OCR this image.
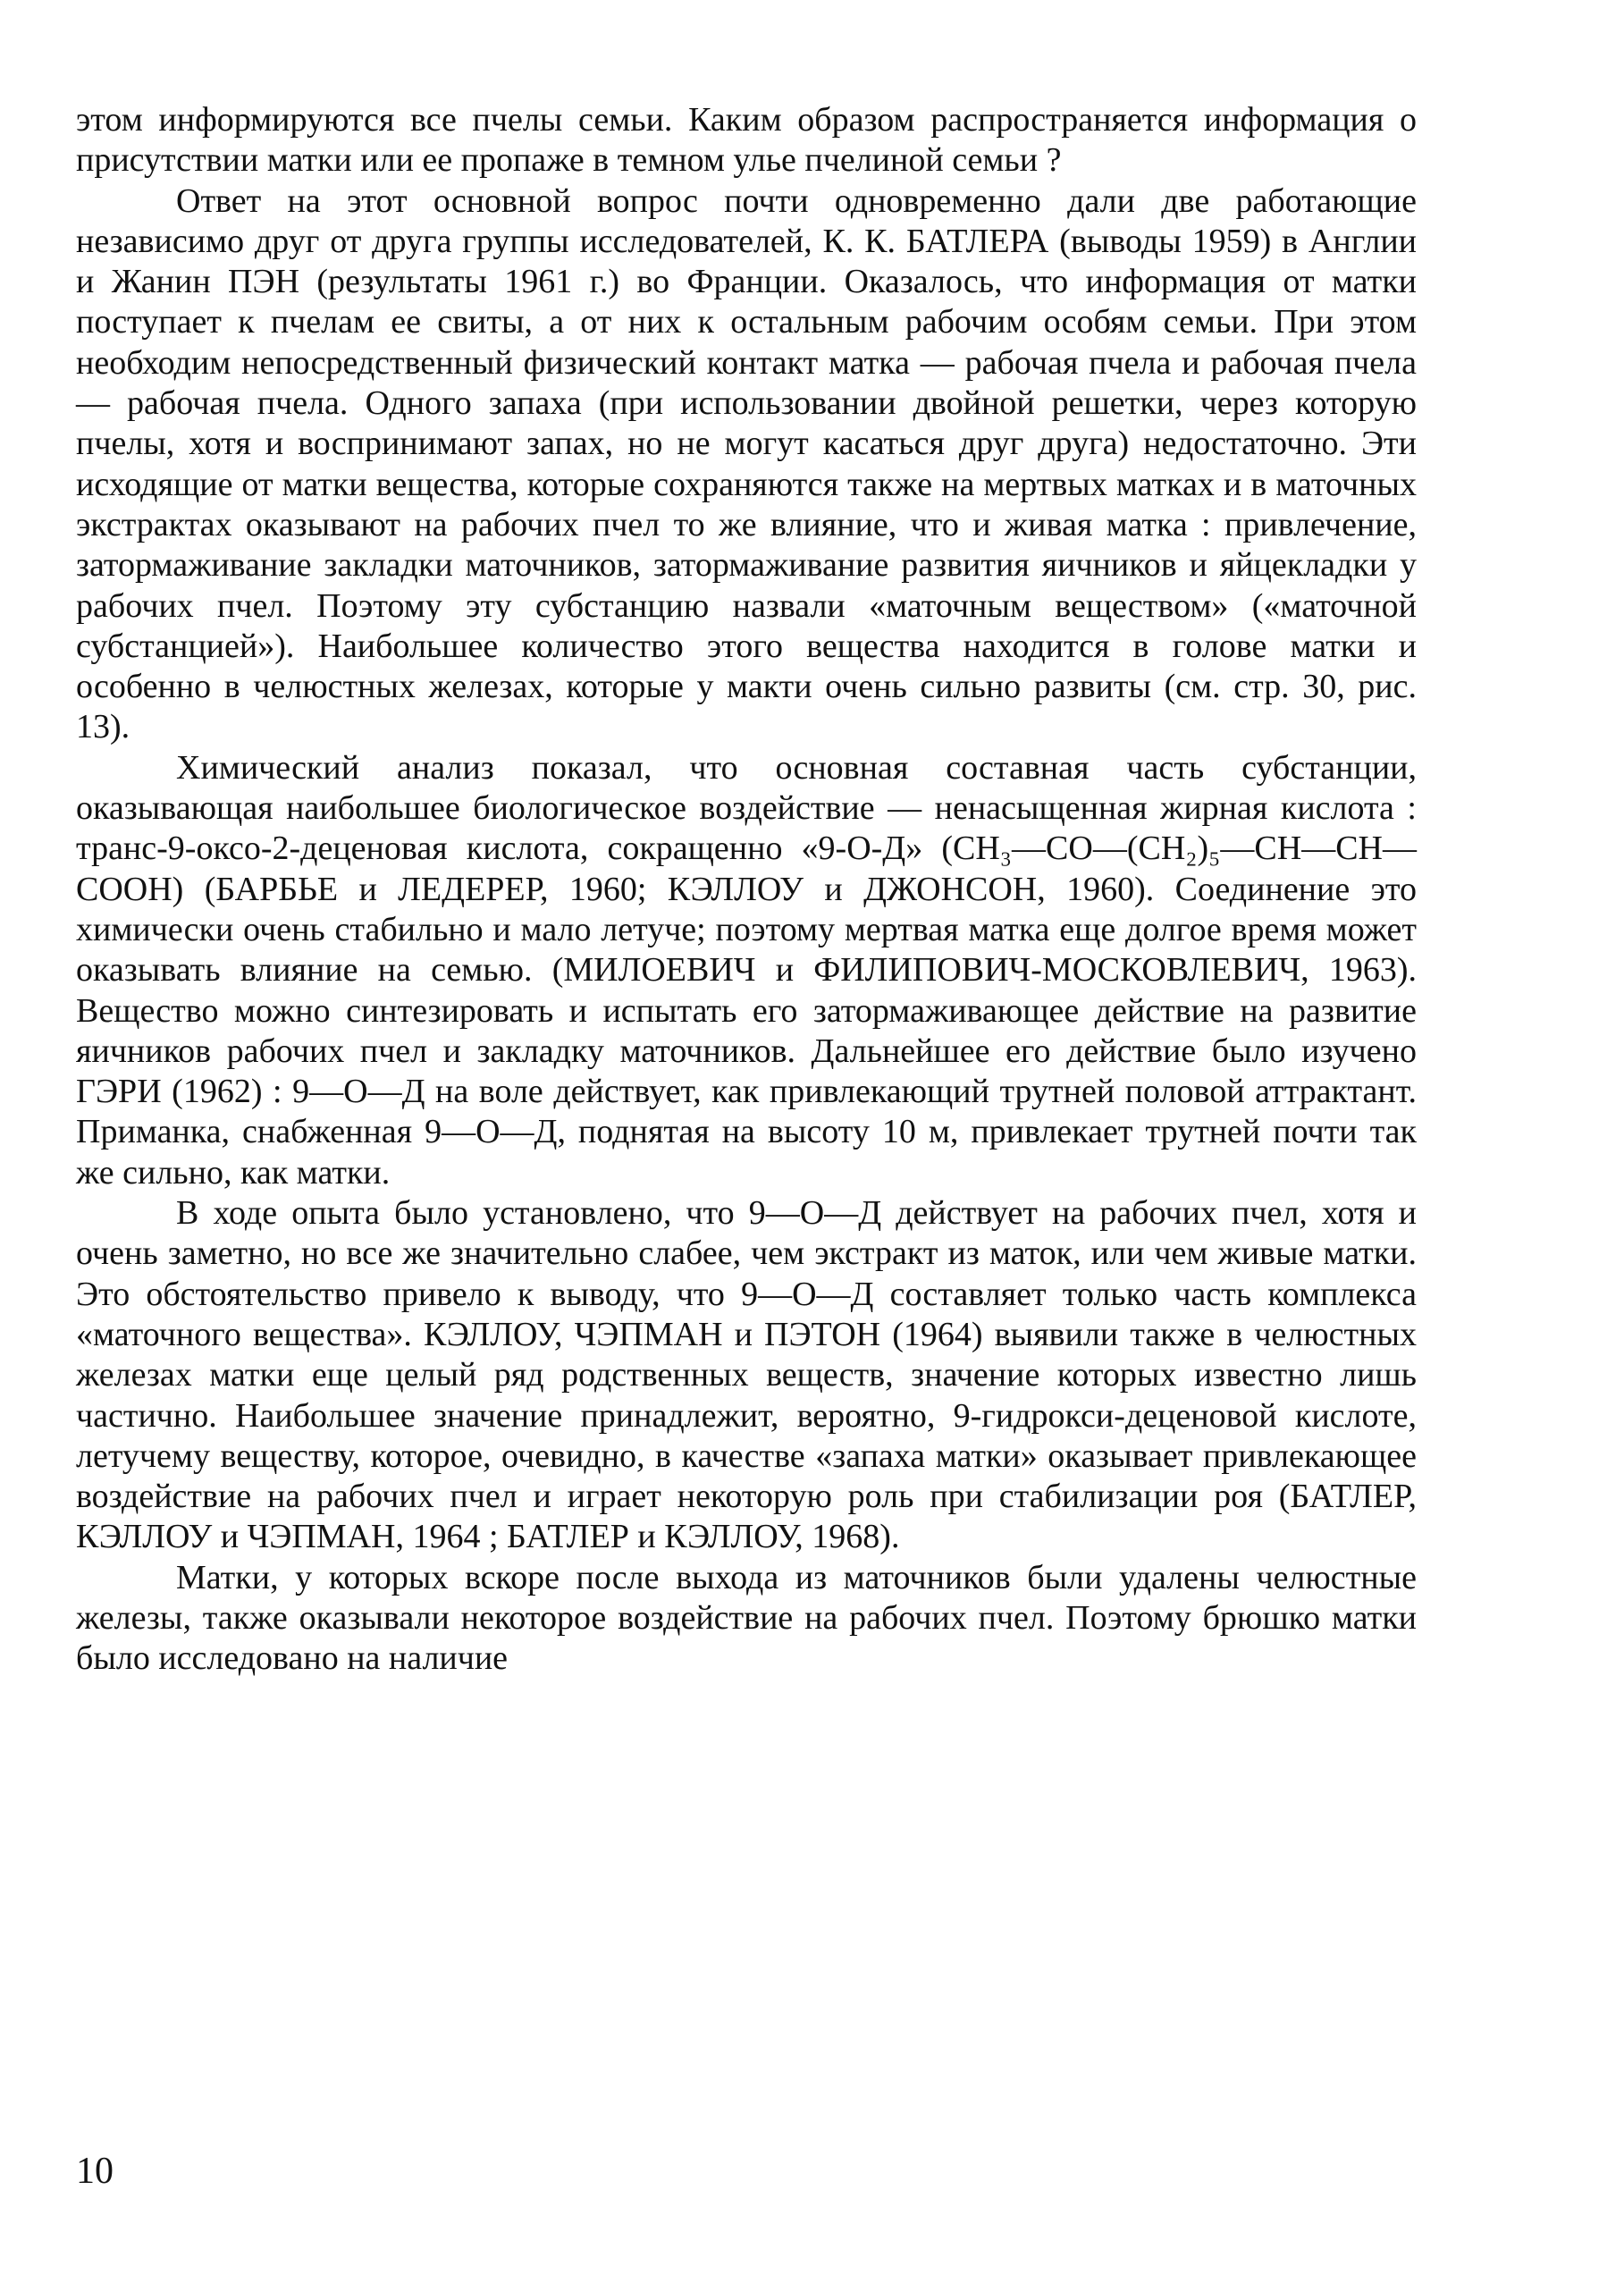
этом информируются все пчелы семьи. Каким образом распространяется информация о присутствии матки или ее пропаже в темном улье пчелиной семьи ?

Ответ на этот основной вопрос почти одновременно дали две работающие независимо друг от друга группы исследователей, К. К. БАТЛЕРА (выводы 1959) в Англии и Жанин ПЭН (результаты 1961 г.) во Франции. Оказалось, что информация от матки поступает к пчелам ее свиты, а от них к остальным рабочим особям семьи. При этом необходим непосредственный физический контакт матка — рабочая пчела и рабочая пчела — рабочая пчела. Одного запаха (при использовании двойной решетки, через которую пчелы, хотя и воспринимают запах, но не могут касаться друг друга) недостаточно. Эти исходящие от матки вещества, которые сохраняются также на мертвых матках и в маточных экстрактах оказывают на рабочих пчел то же влияние, что и живая матка : привлечение, затормаживание закладки маточников, затормаживание развития яичников и яйцекладки у рабочих пчел. Поэтому эту субстанцию назвали «маточным веществом» («маточной субстанцией»). Наибольшее количество этого вещества находится в голове матки и особенно в челюстных железах, которые у макти очень сильно развиты (см. стр. 30, рис. 13).

Химический анализ показал, что основная составная часть субстанции, оказывающая наибольшее биологическое воздействие — ненасыщенная жирная кислота : транс-9-оксо-2-деценовая кислота, сокращенно «9-О-Д» (CH₃—CO—(CH₂)₅—CH—CH—COOH) (БАРБЬЕ и ЛЕДЕРЕР, 1960; КЭЛЛОУ и ДЖОНСОН, 1960). Соединение это химически очень стабильно и мало летуче; поэтому мертвая матка еще долгое время может оказывать влияние на семью. (МИЛОЕВИЧ и ФИЛИПОВИЧ-МОСКОВЛЕВИЧ, 1963). Вещество можно синтезировать и испытать его затормаживающее действие на развитие яичников рабочих пчел и закладку маточников. Дальнейшее его действие было изучено ГЭРИ (1962) : 9—О—Д на воле действует, как привлекающий трутней половой аттрактант. Приманка, снабженная 9—О—Д, поднятая на высоту 10 м, привлекает трутней почти так же сильно, как матки.

В ходе опыта было установлено, что 9—О—Д действует на рабочих пчел, хотя и очень заметно, но все же значительно слабее, чем экстракт из маток, или чем живые матки. Это обстоятельство привело к выводу, что 9—О—Д составляет только часть комплекса «маточного вещества». КЭЛЛОУ, ЧЭПМАН и ПЭТОН (1964) выявили также в челюстных железах матки еще целый ряд родственных веществ, значение которых известно лишь частично. Наибольшее значение принадлежит, вероятно, 9-гидрокси-деценовой кислоте, летучему веществу, которое, очевидно, в качестве «запаха матки» оказывает привлекающее воздействие на рабочих пчел и играет некоторую роль при стабилизации роя (БАТЛЕР, КЭЛЛОУ и ЧЭПМАН, 1964 ; БАТЛЕР и КЭЛЛОУ, 1968).

Матки, у которых вскоре после выхода из маточников были удалены челюстные железы, также оказывали некоторое воздействие на рабочих пчел. Поэтому брюшко матки было исследовано на наличие

10
